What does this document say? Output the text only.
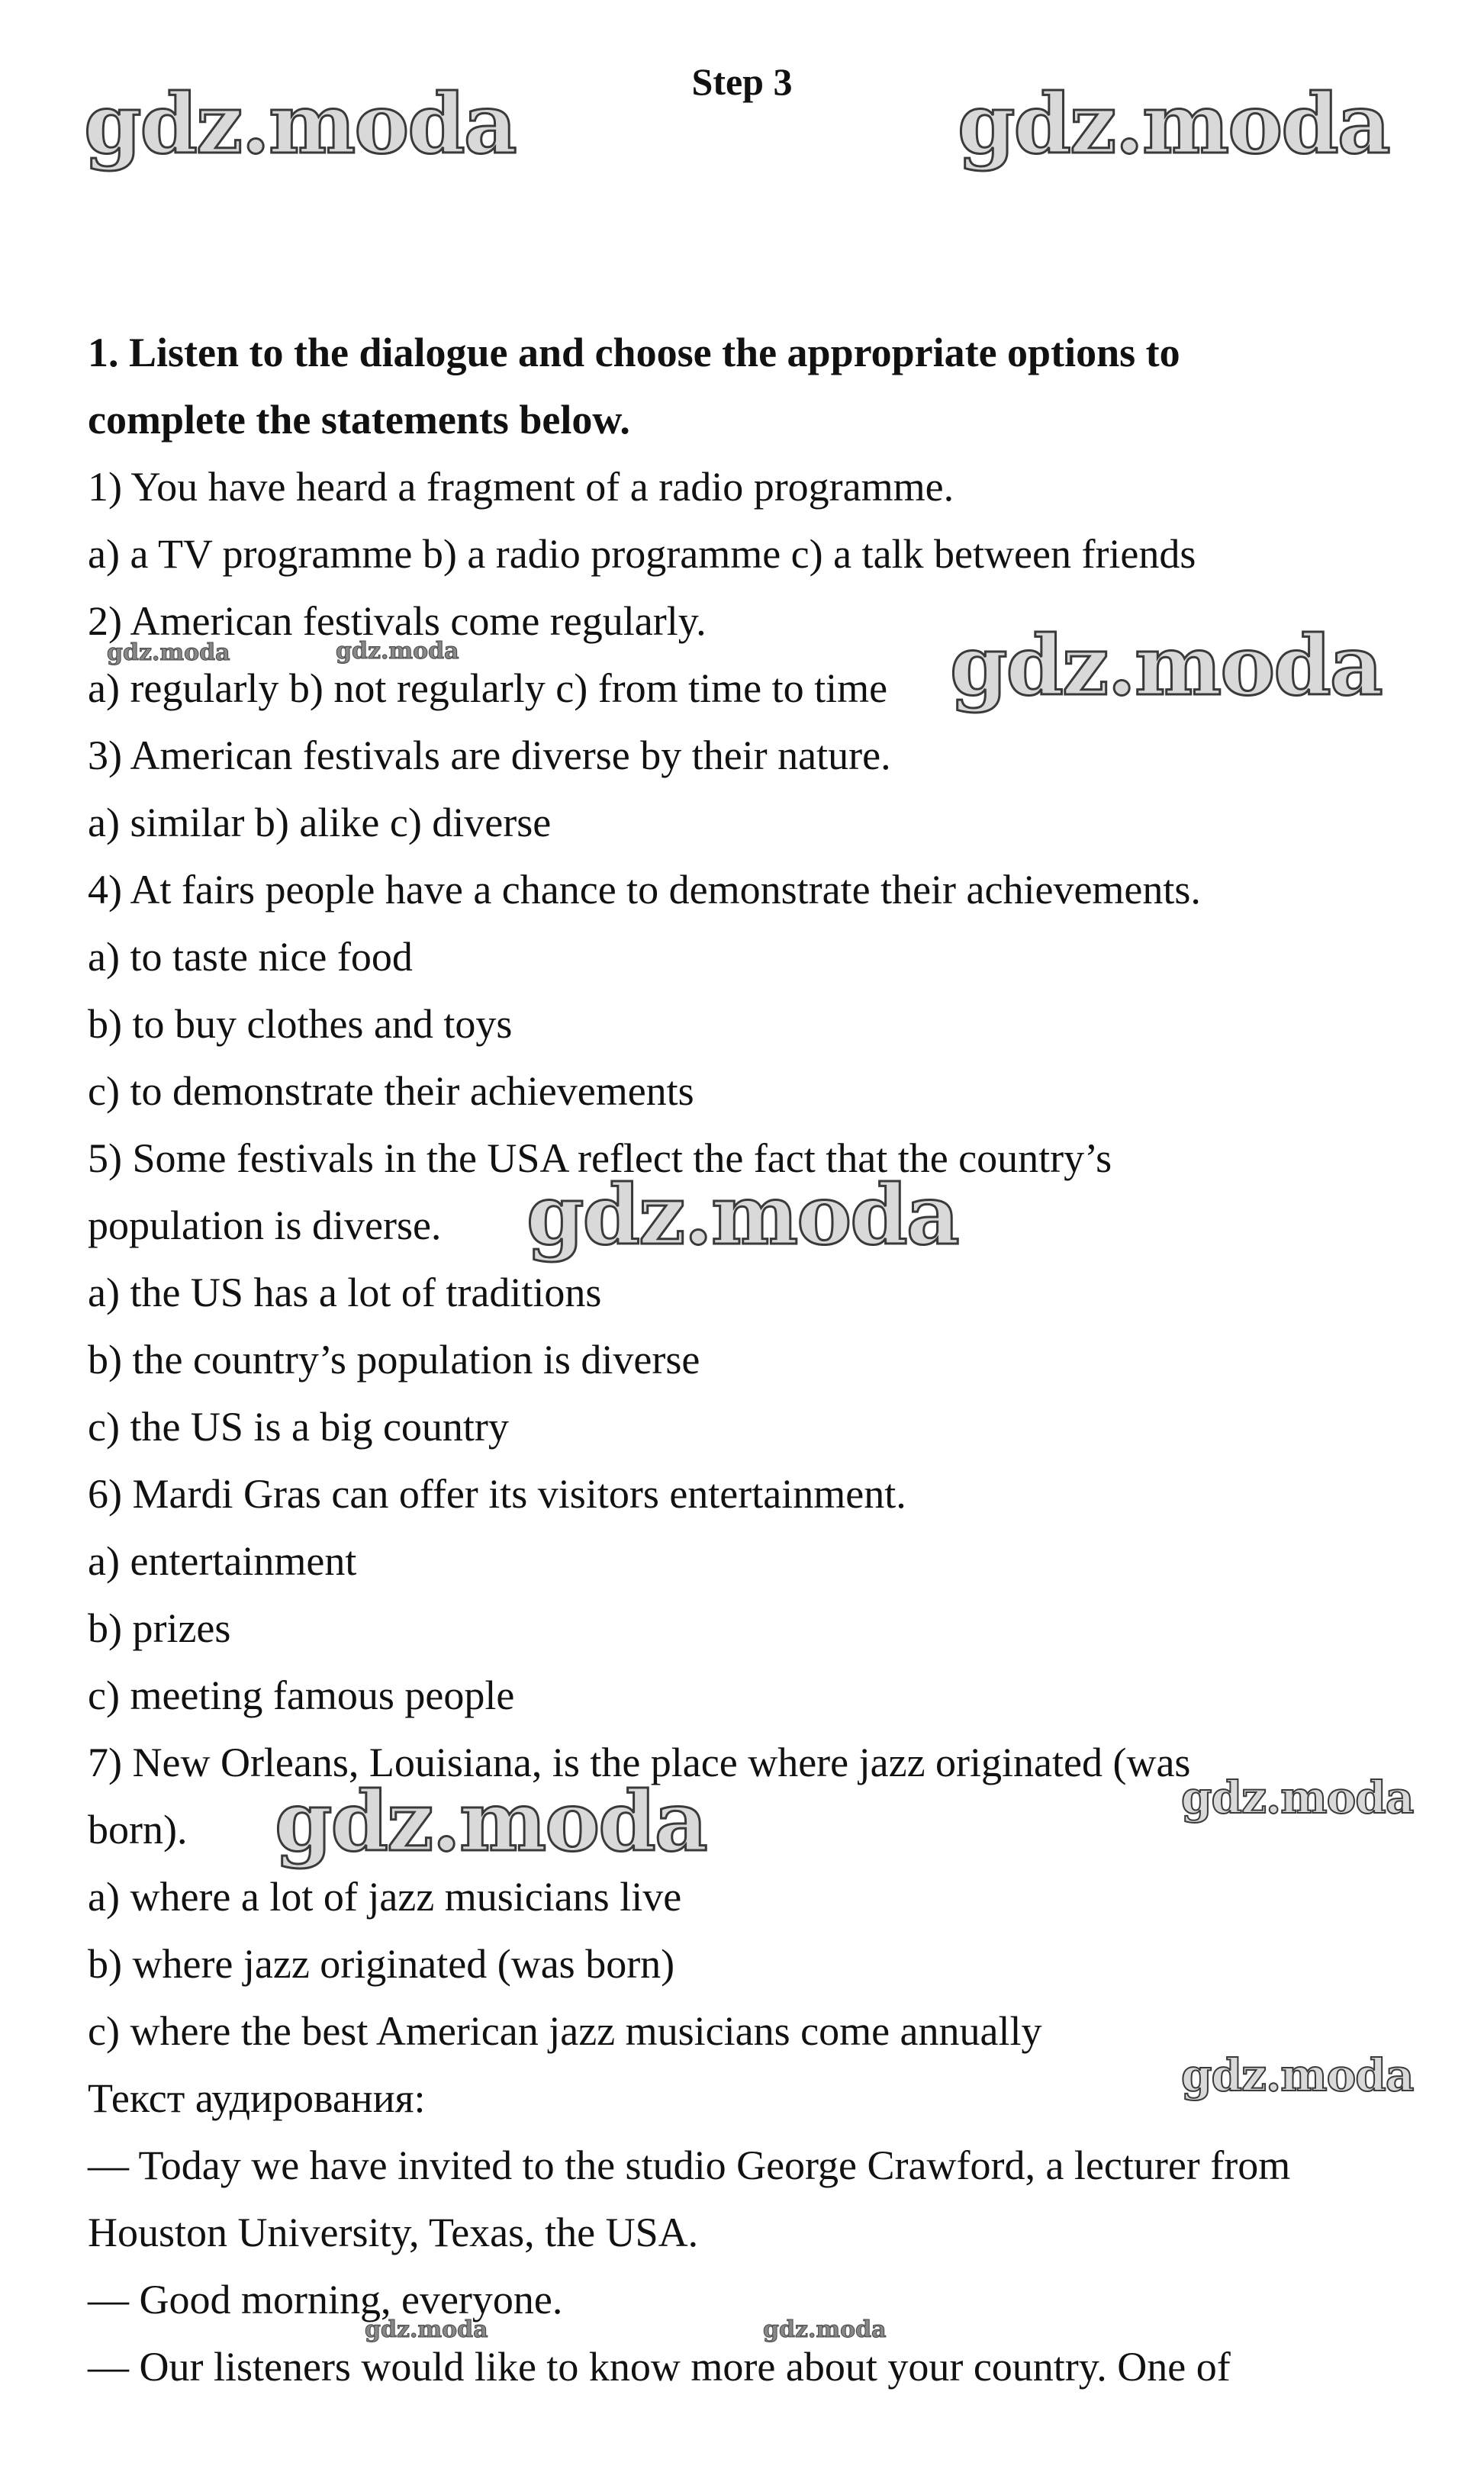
Step 3
1. Listen to the dialogue and choose the appropriate options to
complete the statements below.
1) You have heard a fragment of a radio programme.
a) a TV programme b) a radio programme c) a talk between friends
2) American festivals come regularly.
a) regularly b) not regularly c) from time to time
3) American festivals are diverse by their nature.
a) similar b) alike c) diverse
4) At fairs people have a chance to demonstrate their achievements.
a) to taste nice food
b) to buy clothes and toys
c) to demonstrate their achievements
5) Some festivals in the USA reflect the fact that the country’s
population is diverse.
a) the US has a lot of traditions
b) the country’s population is diverse
c) the US is a big country
6) Mardi Gras can offer its visitors entertainment.
a) entertainment
b) prizes
c) meeting famous people
7) New Orleans, Louisiana, is the place where jazz originated (was
born).
a) where a lot of jazz musicians live
b) where jazz originated (was born)
c) where the best American jazz musicians come annually
Текст аудирования:
— Today we have invited to the studio George Crawford, a lecturer from
Houston University, Texas, the USA.
— Good morning, everyone.
— Our listeners would like to know more about your country. One of
gdz.moda	gdz.moda
gdz.moda
gdz.moda	gdz.moda
gdz.moda
gdz.moda	gdz.moda
gdz.moda
gdz.moda	gdz.moda
